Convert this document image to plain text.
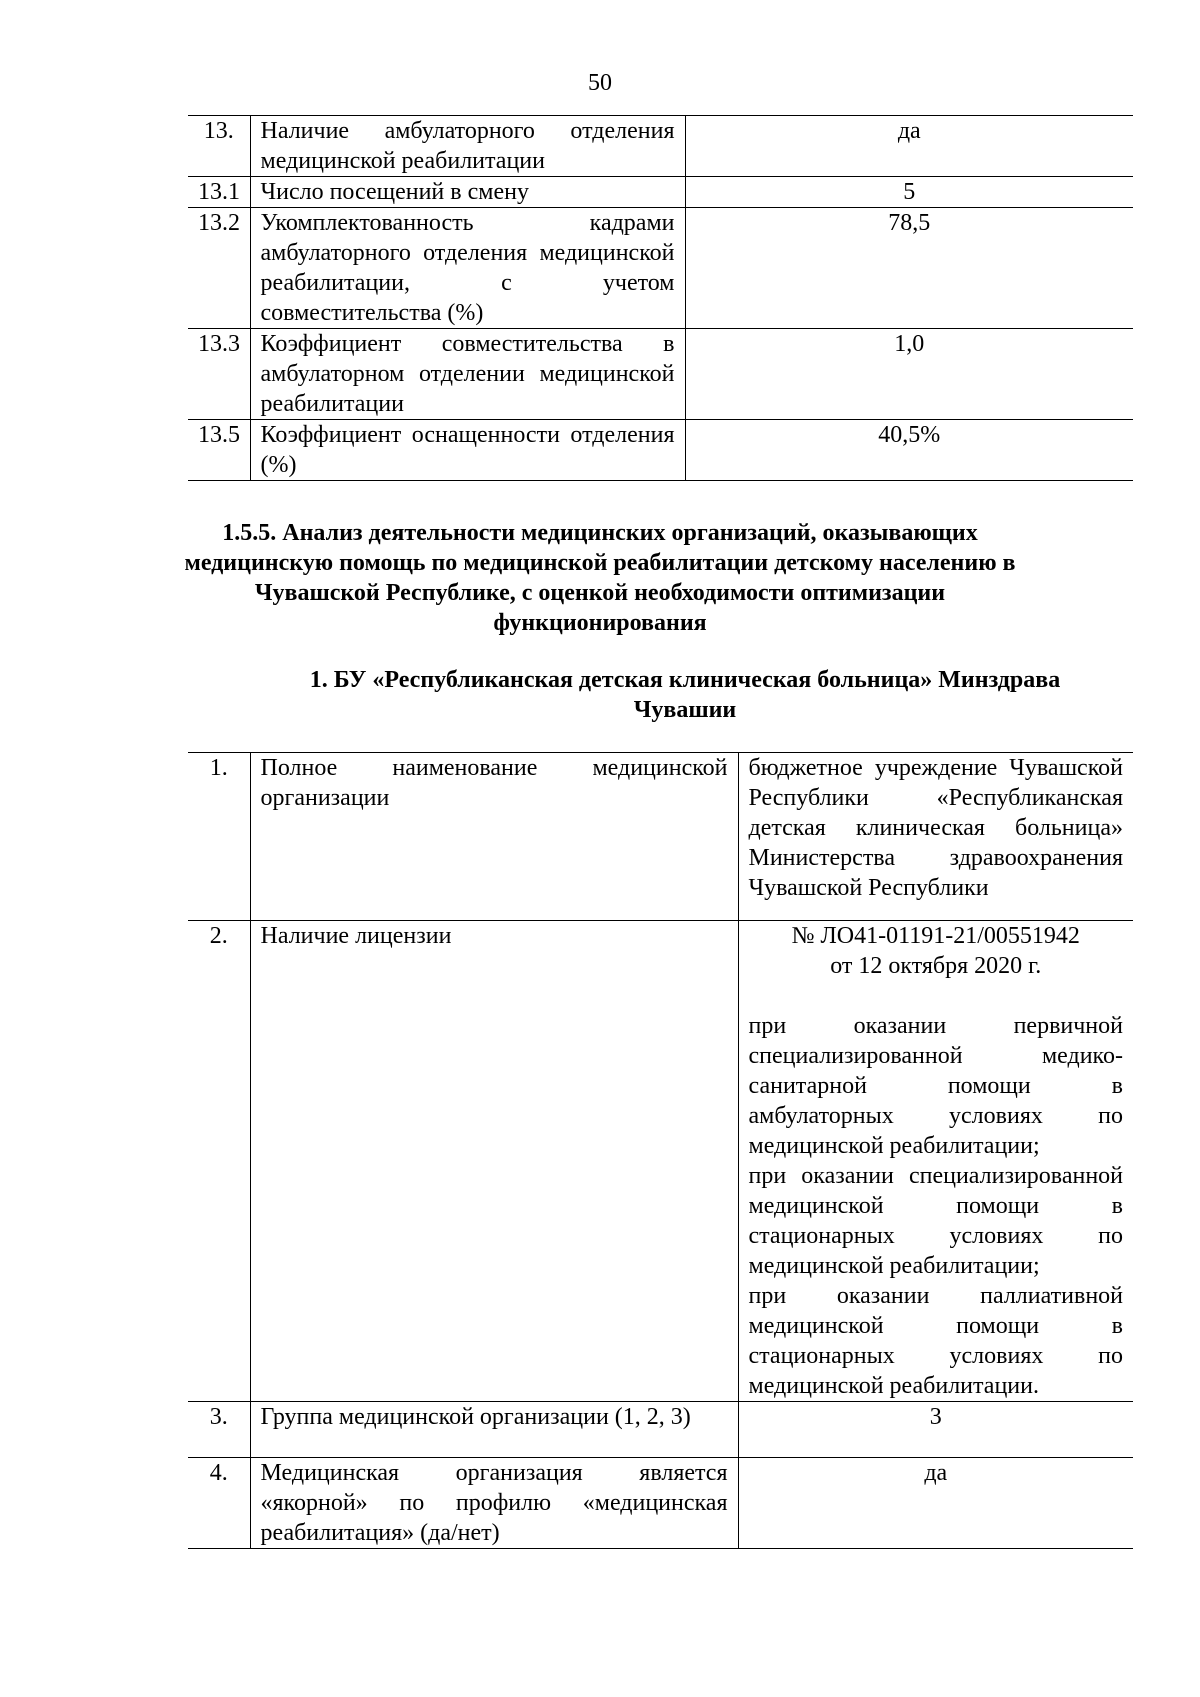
50
13.	Наличие амбулаторного отделения медицинской реабилитации	да
13.1	Число посещений в смену	5
13.2	Укомплектованность кадрами амбулаторного отделения медицинской реабилитации, с учетом совместительства (%)	78,5
13.3	Коэффициент совместительства в амбулаторном отделении медицинской реабилитации	1,0
13.5	Коэффициент оснащенности отделения (%)	40,5%
1.5.5. Анализ деятельности медицинских организаций, оказывающих медицинскую помощь по медицинской реабилитации детскому населению в Чувашской Республике, с оценкой необходимости оптимизации функционирования
1. БУ «Республиканская детская клиническая больница» Минздрава Чувашии
1.	Полное наименование медицинской организации	бюджетное учреждение Чувашской Республики «Республиканская детская клиническая больница» Министерства здравоохранения Чувашской Республики
2.	Наличие лицензии	№ ЛО41-01191-21/00551942
от 12 октября 2020 г.
при оказании первичной специализированной медико-санитарной помощи в амбулаторных условиях по медицинской реабилитации;
при оказании специализированной медицинской помощи в стационарных условиях по медицинской реабилитации;
при оказании паллиативной медицинской помощи в стационарных условиях по медицинской реабилитации.

3.	Группа медицинской организации (1, 2, 3)	3
4.	Медицинская организация является «якорной» по профилю «медицинская реабилитация» (да/нет)	да
